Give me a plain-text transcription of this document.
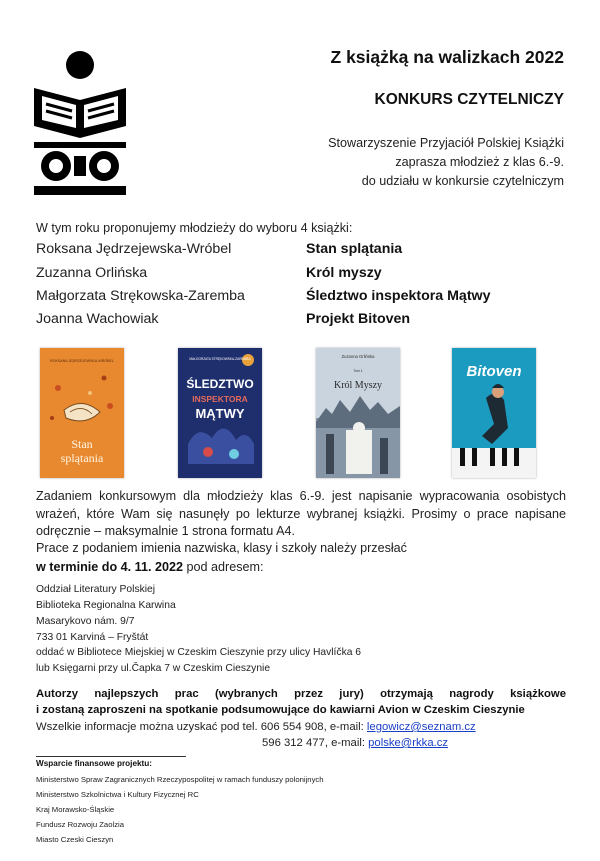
Z książką na walizkach 2022
KONKURS CZYTELNICZY
Stowarzyszenie Przyjaciół Polskiej Książki
zaprasza młodzież z klas 6.-9.
do udziału w konkursie czytelniczym
W tym roku proponujemy młodzieży do wyboru 4 książki:
Roksana Jędrzejewska-Wróbel	Stan splątania
Zuzanna Orlińska	Król myszy
Małgorzata Strękowska-Zaremba	Śledztwo inspektora Mątwy
Joanna Wachowiak	Projekt Bitoven
ROKSANA JĘDRZEJEWSKA-WRÓBEL
Stan
splątania
MAŁGORZATA STRĘKOWSKA-ZAREMBA
ŚLEDZTWO
INSPEKTORA
MĄTWY
Zuzanna Orlińska
Tom 1
Król Myszy
Bitoven
Zadaniem konkursowym dla młodzieży klas 6.-9. jest napisanie wypracowania osobistych wrażeń, które Wam się nasunęły po lekturze wybranej książki. Prosimy o prace napisane odręcznie – maksymalnie 1 strona formatu A4.
Prace z podaniem imienia nazwiska, klasy i szkoły należy przesłać
w terminie do 4. 11. 2022 pod adresem:
Oddział Literatury Polskiej
Biblioteka Regionalna Karwina
Masarykovo nám. 9/7
733 01 Karviná – Fryštát
oddać w Bibliotece Miejskiej w Czeskim Cieszynie przy ulicy Havlíčka 6
lub Księgarni przy ul.Čapka 7 w Czeskim Cieszynie
Autorzy najlepszych prac (wybranych przez jury) otrzymają nagrody książkowe
i zostaną zaproszeni na spotkanie podsumowujące do kawiarni Avion w Czeskim Cieszynie
Wszelkie informacje można uzyskać pod tel. 606 554 908, e-mail: legowicz@seznam.cz
596 312 477, e-mail: polske@rkka.cz
Wsparcie finansowe projektu:
Ministerstwo Spraw Zagranicznych Rzeczypospolitej w ramach funduszy polonijnych
Ministerstwo Szkolnictwa i Kultury Fizycznej RC
Kraj Morawsko-Śląskie
Fundusz Rozwoju Zaolzia
Miasto Czeski Cieszyn
